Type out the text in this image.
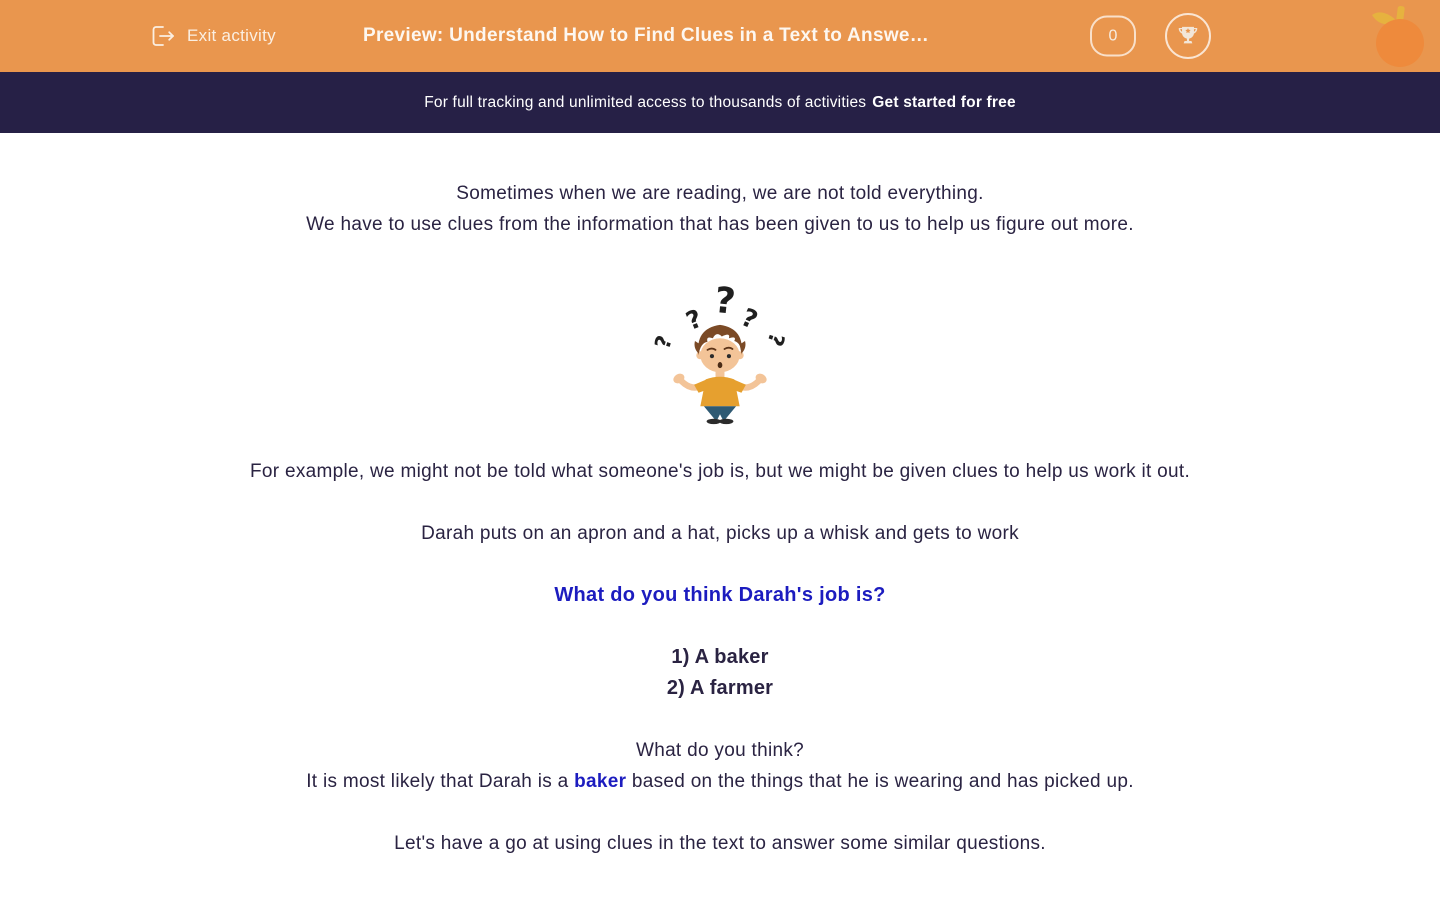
Exit activity	Preview: Understand How to Find Clues in a Text to Answe…	0
For full tracking and unlimited access to thousands of activities Get started for free

Sometimes when we are reading, we are not told everything.

We have to use clues from the information that has been given to us to help us figure out more.

?
? ?
?	?
For example, we might not be told what someone's job is, but we might be given clues to help us work it out.
Darah puts on an apron and a hat, picks up a whisk and gets to work
What do you think Darah's job is?

1) A baker

2) A farmer

What do you think?

It is most likely that Darah is a baker based on the things that he is wearing and has picked up.

Let's have a go at using clues in the text to answer some similar questions.
